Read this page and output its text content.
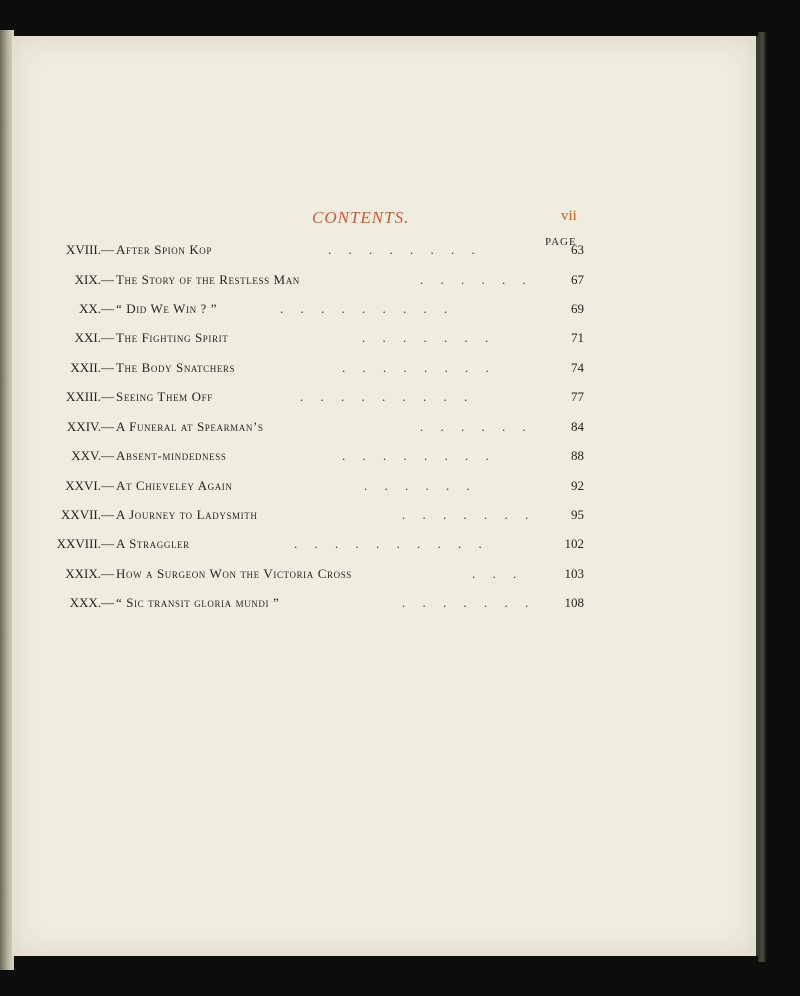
CONTENTS.	vii
PAGE
XVIII.— After Spion Kop	. . . . . . . .	63
XIX.— The Story of the Restless Man	. . . . . .	67
XX.— “ Did We Win ? ”	. . . . . . . . .	69
XXI.— The Fighting Spirit	. . . . . . .	71
XXII.— The Body Snatchers	. . . . . . . .	74
XXIII.— Seeing Them Off	. . . . . . . . .	77
XXIV.— A Funeral at Spearman’s	. . . . . .	84
XXV.— Absent-mindedness	. . . . . . . .	88
XXVI.— At Chieveley Again	. . . . . .	92
XXVII.— A Journey to Ladysmith	. . . . . . .	95
XXVIII.— A Straggler	. . . . . . . . . .	102
XXIX.— How a Surgeon Won the Victoria Cross	. . .	103
XXX.— “ Sic transit gloria mundi ”	. . . . . . .	108
